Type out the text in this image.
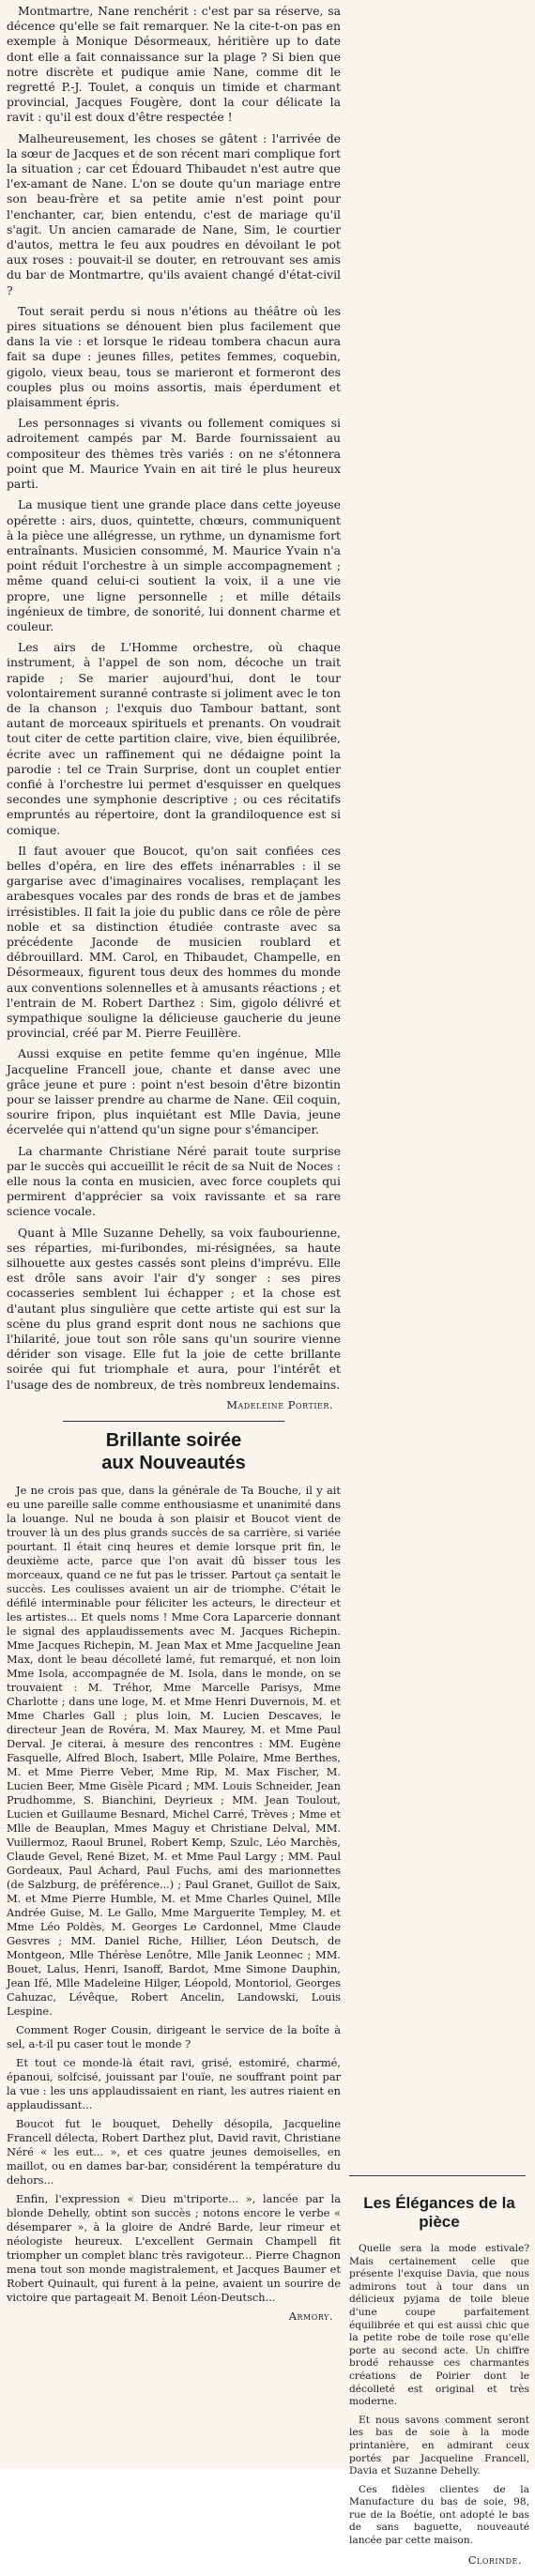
Montmartre, Nane renchérit : c'est par sa réserve, sa décence qu'elle se fait remarquer. Ne la cite-t-on pas en exemple à Monique Désormeaux, héritière up to date dont elle a fait connaissance sur la plage ? Si bien que notre discrète et pudique amie Nane, comme dit le regretté P.-J. Toulet, a conquis un timide et charmant provincial, Jacques Fougère, dont la cour délicate la ravit : qu'il est doux d'être respectée !

Malheureusement, les choses se gâtent : l'arrivée de la sœur de Jacques et de son récent mari complique fort la situation ; car cet Édouard Thibaudet n'est autre que l'ex-amant de Nane. L'on se doute qu'un mariage entre son beau-frère et sa petite amie n'est point pour l'enchanter, car, bien entendu, c'est de mariage qu'il s'agit. Un ancien camarade de Nane, Sim, le courtier d'autos, mettra le feu aux poudres en dévoilant le pot aux roses : pouvait-il se douter, en retrouvant ses amis du bar de Montmartre, qu'ils avaient changé d'état-civil ?

Tout serait perdu si nous n'étions au théâtre où les pires situations se dénouent bien plus facilement que dans la vie : et lorsque le rideau tombera chacun aura fait sa dupe : jeunes filles, petites femmes, coquebin, gigolo, vieux beau, tous se marieront et formeront des couples plus ou moins assortis, mais éperdument et plaisamment épris.

Les personnages si vivants ou follement comiques si adroitement campés par M. Barde fournissaient au compositeur des thèmes très variés : on ne s'étonnera point que M. Maurice Yvain en ait tiré le plus heureux parti.

La musique tient une grande place dans cette joyeuse opérette : airs, duos, quintette, chœurs, communiquent à la pièce une allégresse, un rythme, un dynamisme fort entraînants. Musicien consommé, M. Maurice Yvain n'a point réduit l'orchestre à un simple accompagnement ; même quand celui-ci soutient la voix, il a une vie propre, une ligne personnelle ; et mille détails ingénieux de timbre, de sonorité, lui donnent charme et couleur.

Les airs de L'Homme orchestre, où chaque instrument, à l'appel de son nom, décoche un trait rapide ; Se marier aujourd'hui, dont le tour volontairement suranné contraste si joliment avec le ton de la chanson ; l'exquis duo Tambour battant, sont autant de morceaux spirituels et prenants. On voudrait tout citer de cette partition claire, vive, bien équilibrée, écrite avec un raffinement qui ne dédaigne point la parodie : tel ce Train Surprise, dont un couplet entier confié à l'orchestre lui permet d'esquisser en quelques secondes une symphonie descriptive ; ou ces récitatifs empruntés au répertoire, dont la grandiloquence est si comique.

Il faut avouer que Boucot, qu'on sait confiées ces belles d'opéra, en lire des effets inénarrables : il se gargarise avec d'imaginaires vocalises, remplaçant les arabesques vocales par des ronds de bras et de jambes irrésistibles. Il fait la joie du public dans ce rôle de père noble et sa distinction étudiée contraste avec sa précédente Jaconde de musicien roublard et débrouillard. MM. Carol, en Thibaudet, Champelle, en Désormeaux, figurent tous deux des hommes du monde aux conventions solennelles et à amusants réactions ; et l'entrain de M. Robert Darthez : Sim, gigolo délivré et sympathique souligne la délicieuse gaucherie du jeune provincial, créé par M. Pierre Feuillère.

Aussi exquise en petite femme qu'en ingénue, Mlle Jacqueline Francell joue, chante et danse avec une grâce jeune et pure : point n'est besoin d'être bizontin pour se laisser prendre au charme de Nane. Œil coquin, sourire fripon, plus inquiétant est Mlle Davia, jeune écervelée qui n'attend qu'un signe pour s'émanciper.

La charmante Christiane Néré parait toute surprise par le succès qui accueillit le récit de sa Nuit de Noces : elle nous la conta en musicien, avec force couplets qui permirent d'apprécier sa voix ravissante et sa rare science vocale.

Quant à Mlle Suzanne Dehelly, sa voix faubourienne, ses réparties, mi-furibondes, mi-résignées, sa haute silhouette aux gestes cassés sont pleins d'imprévu. Elle est drôle sans avoir l'air d'y songer : ses pires cocasseries semblent lui échapper ; et la chose est d'autant plus singulière que cette artiste qui est sur la scène du plus grand esprit dont nous ne sachions que l'hilarité, joue tout son rôle sans qu'un sourire vienne dérider son visage. Elle fut la joie de cette brillante soirée qui fut triomphale et aura, pour l'intérêt et l'usage des de nombreux, de très nombreux lendemains.

Madeleine Portier.
Brillante soirée
aux Nouveautés

Je ne crois pas que, dans la générale de Ta Bouche, il y ait eu une pareille salle comme enthousiasme et unanimité dans la louange. Nul ne bouda à son plaisir et Boucot vient de trouver là un des plus grands succès de sa carrière, si variée pourtant. Il était cinq heures et demie lorsque prit fin, le deuxième acte, parce que l'on avait dû bisser tous les morceaux, quand ce ne fut pas le trisser. Partout ça sentait le succès. Les coulisses avaient un air de triomphe. C'était le défilé interminable pour féliciter les acteurs, le directeur et les artistes... Et quels noms ! Mme Cora Laparcerie donnant le signal des applaudissements avec M. Jacques Richepin. Mme Jacques Richepin, M. Jean Max et Mme Jacqueline Jean Max, dont le beau décolleté lamé, fut remarqué, et non loin Mme Isola, accompagnée de M. Isola, dans le monde, on se trouvaient : M. Tréhor, Mme Marcelle Parisys, Mme Charlotte ; dans une loge, M. et Mme Henri Duvernois, M. et Mme Charles Gall ; plus loin, M. Lucien Descaves, le directeur Jean de Rovéra, M. Max Maurey, M. et Mme Paul Derval. Je citerai, à mesure des rencontres : MM. Eugène Fasquelle, Alfred Bloch, Isabert, Mlle Polaire, Mme Berthes, M. et Mme Pierre Veber, Mme Rip, M. Max Fischer, M. Lucien Beer, Mme Gisèle Picard ; MM. Louis Schneider, Jean Prudhomme, S. Bianchini, Deyrieux ; MM. Jean Toulout, Lucien et Guillaume Besnard, Michel Carré, Trèves ; Mme et Mlle de Beauplan, Mmes Maguy et Christiane Delval, MM. Vuillermoz, Raoul Brunel, Robert Kemp, Szulc, Léo Marchès, Claude Gevel, René Bizet, M. et Mme Paul Largy ; MM. Paul Gordeaux, Paul Achard, Paul Fuchs, ami des marionnettes (de Salzburg, de préférence...) ; Paul Granet, Guillot de Saix, M. et Mme Pierre Humble, M. et Mme Charles Quinel, Mlle Andrée Guise, M. Le Gallo, Mme Marguerite Templey, M. et Mme Léo Poldès, M. Georges Le Cardonnel, Mme Claude Gesvres ; MM. Daniel Riche, Hillier, Léon Deutsch, de Montgeon, Mlle Thérèse Lenôtre, Mlle Janik Leonnec ; MM. Bouet, Lalus, Henri, Isanoff, Bardot, Mme Simone Dauphin, Jean Ifé, Mlle Madeleine Hilger, Léopold, Montoriol, Georges Cahuzac, Lévêque, Robert Ancelin, Landowski, Louis Lespine.

Comment Roger Cousin, dirigeant le service de la boîte à sel, a-t-il pu caser tout le monde ?

Et tout ce monde-là était ravi, grisé, estomiré, charmé, épanoui, solfcisé, jouissant par l'ouïe, ne souffrant point par la vue : les uns applaudissaient en riant, les autres riaient en applaudissant...

Boucot fut le bouquet, Dehelly désopila, Jacqueline Francell délecta, Robert Darthez plut, David ravit, Christiane Néré « les eut... », et ces quatre jeunes demoiselles, en maillot, ou en dames bar-bar, considérent la température du dehors...

Enfin, l'expression « Dieu m'triporte... », lancée par la blonde Dehelly, obtint son succès ; notons encore le verbe « désemparer », à la gloire de André Barde, leur rimeur et néologiste heureux. L'excellent Germain Champell fit triompher un complet blanc très ravigoteur... Pierre Chagnon mena tout son monde magistralement, et Jacques Baumer et Robert Quinault, qui furent à la peine, avaient un sourire de victoire que partageait M. Benoit Léon-Deutsch...

Armory.
Les Élégances de la pièce

Quelle sera la mode estivale? Mais certainement celle que présente l'exquise Davia, que nous admirons tout à tour dans un délicieux pyjama de toile bleue d'une coupe parfaitement équilibrée et qui est aussi chic que la petite robe de toile rose qu'elle porte au second acte. Un chiffre brodé rehausse ces charmantes créations de Poirier dont le décolleté est original et très moderne.

Et nous savons comment seront les bas de soie à la mode printanière, en admirant ceux portés par Jacqueline Francell, Davia et Suzanne Dehelly.

Ces fidèles clientes de la Manufacture du bas de soie, 98, rue de la Boétie, ont adopté le bas de sans baguette, nouveauté lancée par cette maison.

Clorinde.
